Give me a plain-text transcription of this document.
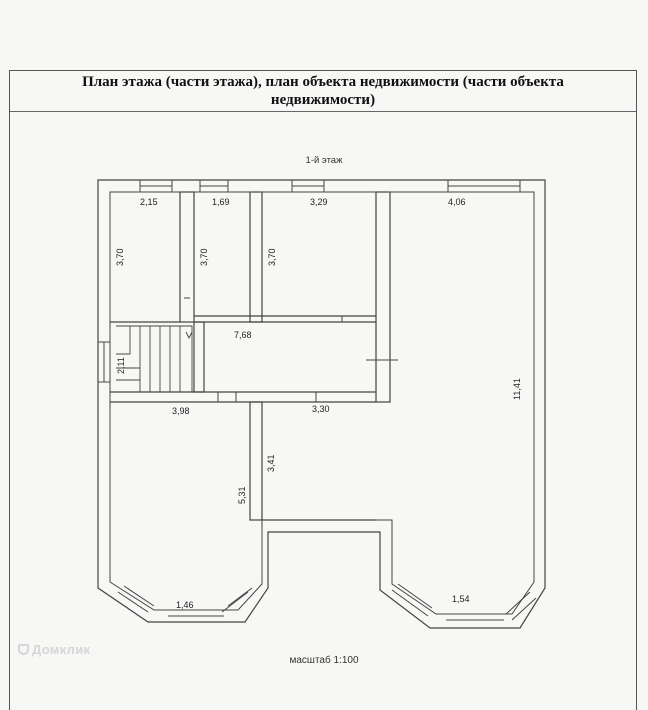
План этажа (части этажа), план объекта недвижимости (части объекта недвижимости)
1-й этаж
2,15	1,69	3,29	4,06
3,70	3,70	3,70
11,41
7,68
2,11
3,98
5,31
3,30
3,41
1,46
1,54
масштаб 1:100
Домклик
